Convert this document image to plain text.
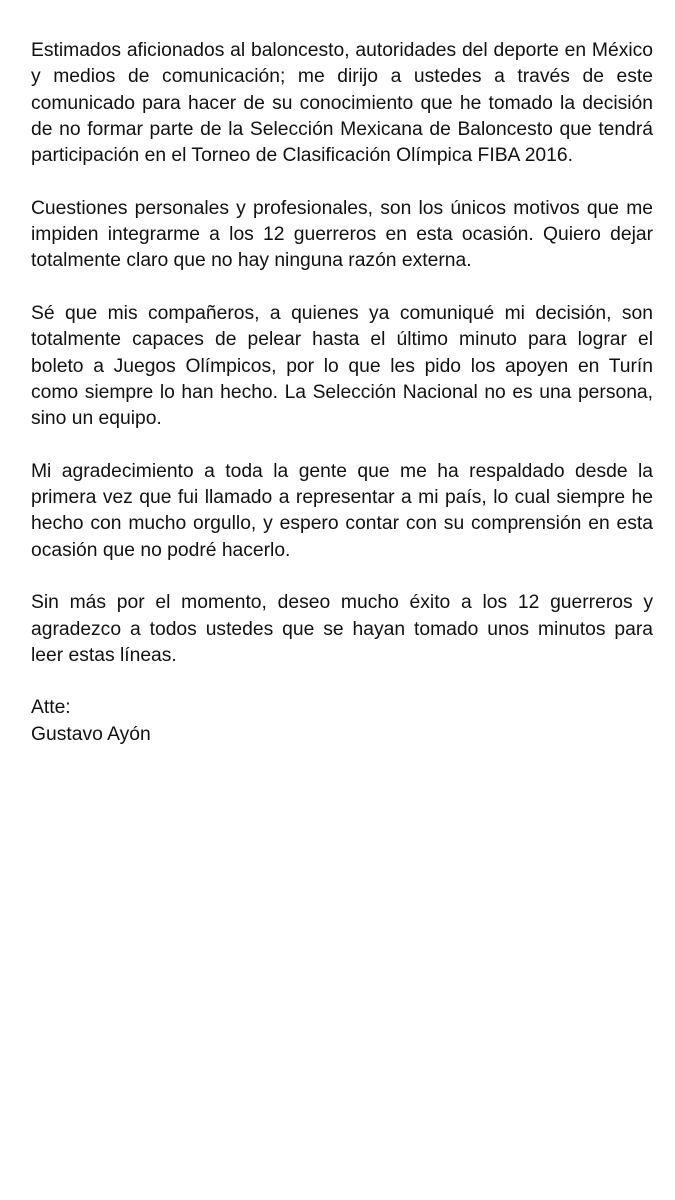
Estimados aficionados al baloncesto, autoridades del deporte en México y medios de comunicación; me dirijo a ustedes a través de este comunicado para hacer de su conocimiento que he tomado la decisión de no formar parte de la Selección Mexicana de Baloncesto que tendrá participación en el Torneo de Clasificación Olímpica FIBA 2016.

Cuestiones personales y profesionales, son los únicos motivos que me impiden integrarme a los 12 guerreros en esta ocasión. Quiero dejar totalmente claro que no hay ninguna razón externa.

Sé que mis compañeros, a quienes ya comuniqué mi decisión, son totalmente capaces de pelear hasta el último minuto para lograr el boleto a Juegos Olímpicos, por lo que les pido los apoyen en Turín como siempre lo han hecho. La Selección Nacional no es una persona, sino un equipo.

Mi agradecimiento a toda la gente que me ha respaldado desde la primera vez que fui llamado a representar a mi país, lo cual siempre he hecho con mucho orgullo, y espero contar con su comprensión en esta ocasión que no podré hacerlo.

Sin más por el momento, deseo mucho éxito a los 12 guerreros y agradezco a todos ustedes que se hayan tomado unos minutos para leer estas líneas.

Atte:
Gustavo Ayón
